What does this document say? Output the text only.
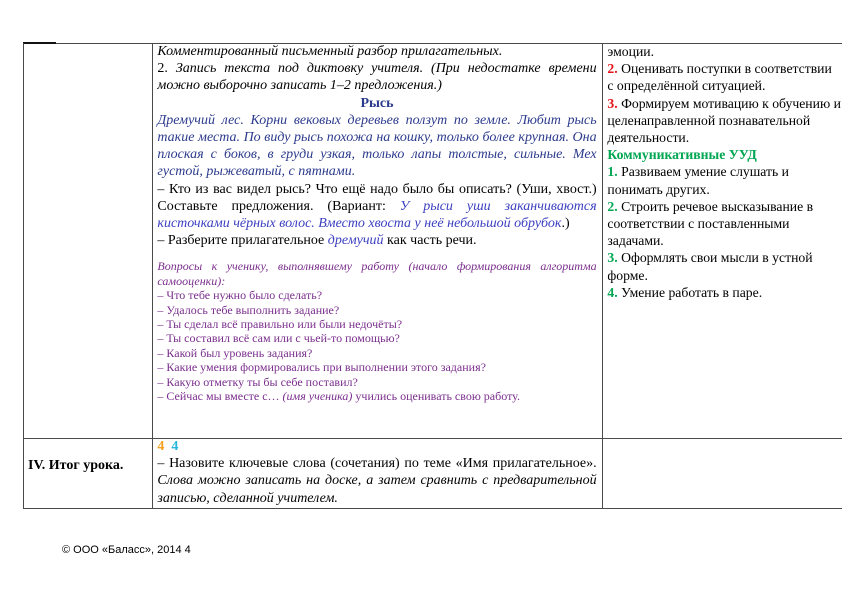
Комментированный письменный разбор прилагательных.

2. Запись текста под диктовку учителя. (При недостатке времени можно выборочно записать 1–2 предложения.)

Рысь

Дремучий лес. Корни вековых деревьев ползут по земле. Любит рысь такие места. По виду рысь похожа на кошку, только более крупная. Она плоская с боков, в груди узкая, только лапы толстые, сильные. Мех густой, рыжеватый, с пятнами.

– Кто из вас видел рысь? Что ещё надо было бы описать? (Уши, хвост.) Составьте предложения. (Вариант: У рыси уши заканчиваются кисточками чёрных волос. Вместо хвоста у неё небольшой обрубок.)

– Разберите прилагательное дремучий как часть речи.

Вопросы к ученику, выполнявшему работу (начало формирования алгоритма самооценки):

– Что тебе нужно было сделать?

– Удалось тебе выполнить задание?

– Ты сделал всё правильно или были недочёты?

– Ты составил всё сам или с чьей-то помощью?

– Какой был уровень задания?

– Какие умения формировались при выполнении этого задания?

– Какую отметку ты бы себе поставил?

– Сейчас мы вместе с… (имя ученика) учились оценивать свою работу.

эмоции.

2. Оценивать поступки в соответствии с определённой ситуацией.

3. Формируем мотивацию к обучению и целенаправленной познавательной деятельности.

Коммуникативные УУД

1. Развиваем умение слушать и понимать других.

2. Строить речевое высказывание в соответствии с поставленными задачами.

3. Оформлять свои мысли в устной форме.

4. Умение работать в паре.

IV. Итог урока.

4 4

– Назовите ключевые слова (сочетания) по теме «Имя прилагательное». Слова можно записать на доске, а затем сравнить с предварительной записью, сделанной учителем.

© ООО «Баласс», 2014 4
